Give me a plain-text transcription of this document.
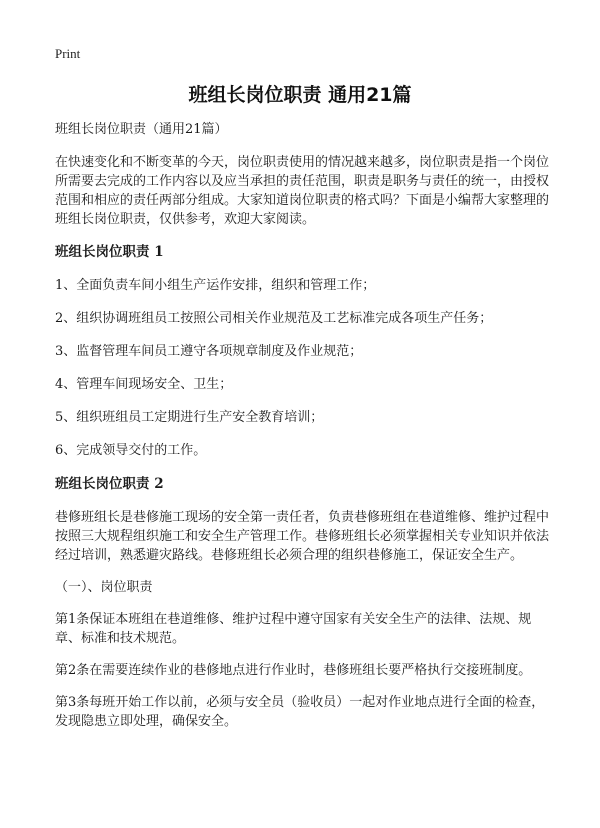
Print
班组长岗位职责 通用21篇
班组长岗位职责（通用21篇）
在快速变化和不断变革的今天，岗位职责使用的情况越来越多，岗位职责是指一个岗位所需要去完成的工作内容以及应当承担的责任范围，职责是职务与责任的统一，由授权范围和相应的责任两部分组成。大家知道岗位职责的格式吗？下面是小编帮大家整理的班组长岗位职责，仅供参考，欢迎大家阅读。
班组长岗位职责 1
1、全面负责车间小组生产运作安排，组织和管理工作；
2、组织协调班组员工按照公司相关作业规范及工艺标准完成各项生产任务；
3、监督管理车间员工遵守各项规章制度及作业规范；
4、管理车间现场安全、卫生；
5、组织班组员工定期进行生产安全教育培训；
6、完成领导交付的工作。
班组长岗位职责 2
巷修班组长是巷修施工现场的安全第一责任者，负责巷修班组在巷道维修、维护过程中按照三大规程组织施工和安全生产管理工作。巷修班组长必须掌握相关专业知识并依法经过培训，熟悉避灾路线。巷修班组长必须合理的组织巷修施工，保证安全生产。
（一）、岗位职责
第1条保证本班组在巷道维修、维护过程中遵守国家有关安全生产的法律、法规、规章、标准和技术规范。
第2条在需要连续作业的巷修地点进行作业时，巷修班组长要严格执行交接班制度。
第3条每班开始工作以前，必须与安全员（验收员）一起对作业地点进行全面的检查，发现隐患立即处理，确保安全。
